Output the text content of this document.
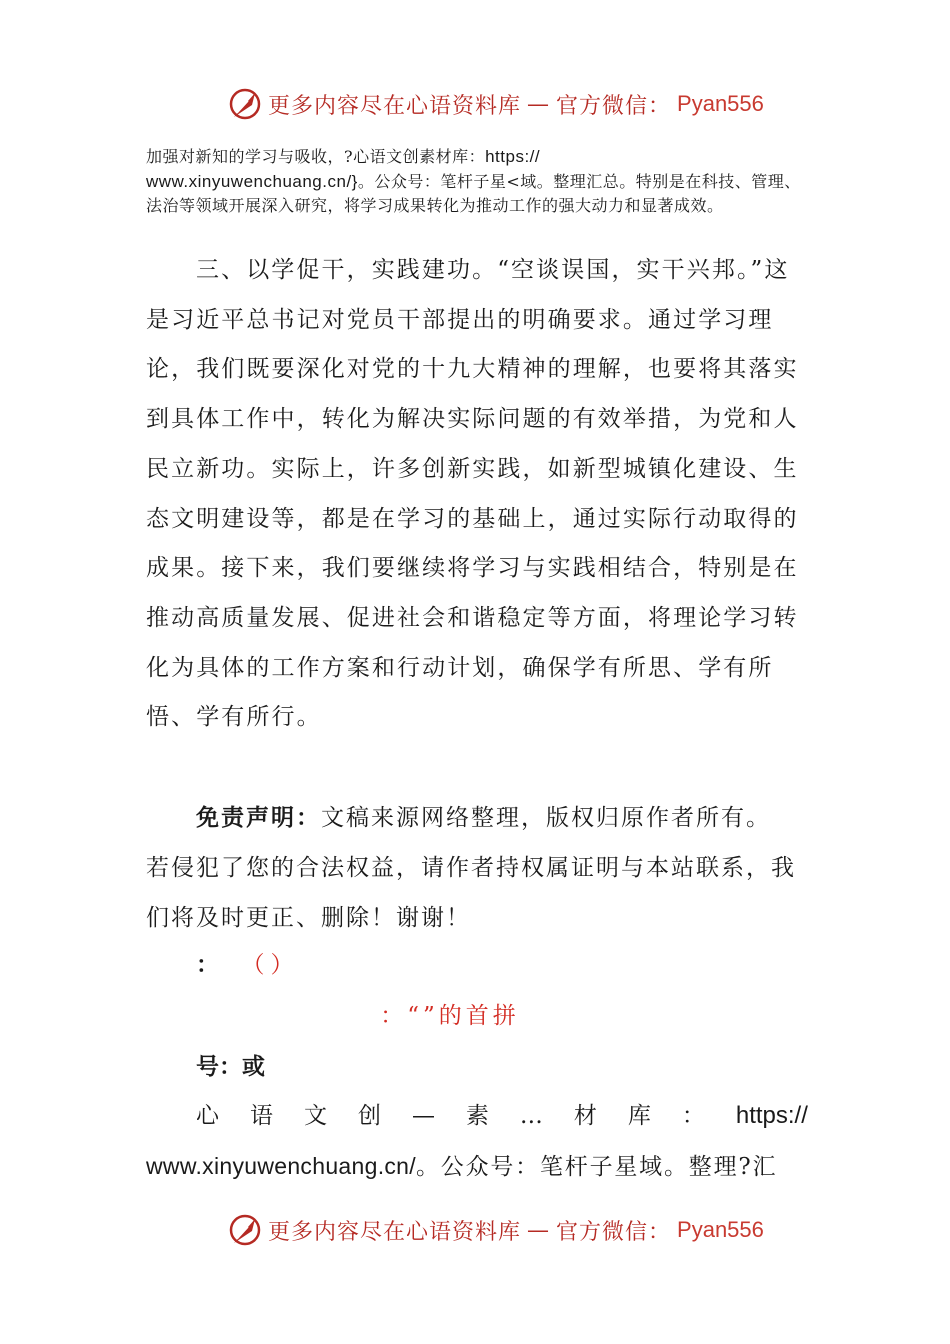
更多内容尽在心语资料库 — 官方微信： Pyan556

加强对新知的学习与吸收，?心语文创素材库：https://
www.xinyuwenchuang.cn/}。公众号：笔杆子星<域。整理汇总。特别是在科技、管理、法治等领域开展深入研究，将学习成果转化为推动工作的强大动力和显著成效。

三、以学促干，实践建功。“空谈误国，实干兴邦。”这是习近平总书记对党员干部提出的明确要求。通过学习理论，我们既要深化对党的十九大精神的理解，也要将其落实到具体工作中，转化为解决实际问题的有效举措，为党和人民立新功。实际上，许多创新实践，如新型城镇化建设、生态文明建设等，都是在学习的基础上，通过实际行动取得的成果。接下来，我们要继续将学习与实践相结合，特别是在推动高质量发展、促进社会和谐稳定等方面，将理论学习转化为具体的工作方案和行动计划，确保学有所思、学有所悟、学有所行。

免责声明：文稿来源网络整理，版权归原作者所有。
若侵犯了您的合法权益，请作者持权属证明与本站联系，我们将及时更正、删除！谢谢！

： （）
：“”的首拼
号：或
心 语 文 创 — 素 … 材 库 ： https://
www.xinyuwenchuang.cn/。公众号：笔杆子星域。整理?汇
更多内容尽在心语资料库 — 官方微信： Pyan556
